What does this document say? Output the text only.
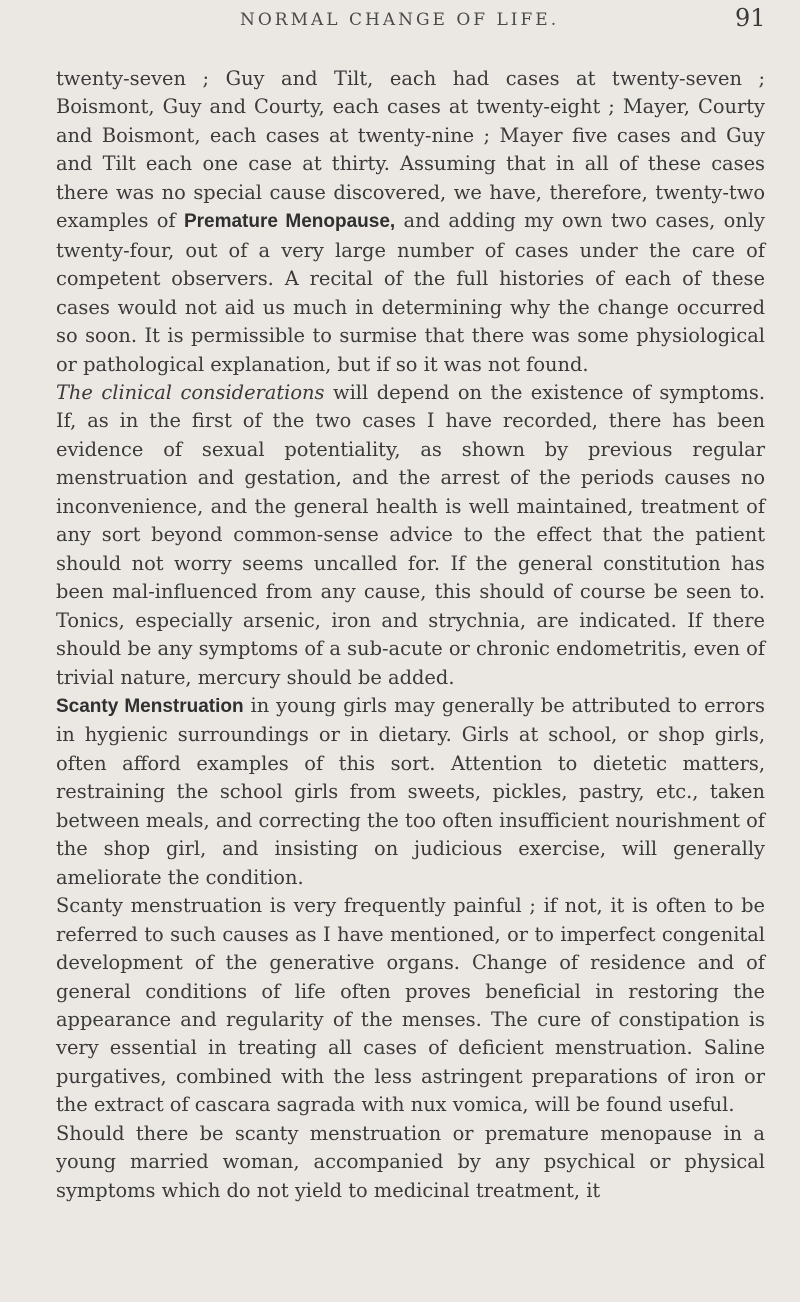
NORMAL CHANGE OF LIFE.	91

twenty-seven ; Guy and Tilt, each had cases at twenty-seven ; Boismont, Guy and Courty, each cases at twenty-eight ; Mayer, Courty and Boismont, each cases at twenty-nine ; Mayer five cases and Guy and Tilt each one case at thirty. Assuming that in all of these cases there was no special cause discovered, we have, therefore, twenty-two examples of Premature Menopause, and adding my own two cases, only twenty-four, out of a very large number of cases under the care of competent observers. A recital of the full histories of each of these cases would not aid us much in determining why the change occurred so soon. It is permissible to surmise that there was some physiological or pathological explanation, but if so it was not found.

The clinical considerations will depend on the existence of symptoms. If, as in the first of the two cases I have recorded, there has been evidence of sexual potentiality, as shown by previous regular menstruation and gestation, and the arrest of the periods causes no inconvenience, and the general health is well maintained, treatment of any sort beyond common-sense advice to the effect that the patient should not worry seems uncalled for. If the general constitution has been mal-influenced from any cause, this should of course be seen to. Tonics, especially arsenic, iron and strychnia, are indicated. If there should be any symptoms of a sub-acute or chronic endometritis, even of trivial nature, mercury should be added.

Scanty Menstruation in young girls may generally be attributed to errors in hygienic surroundings or in dietary. Girls at school, or shop girls, often afford examples of this sort. Attention to dietetic matters, restraining the school girls from sweets, pickles, pastry, etc., taken between meals, and correcting the too often insufficient nourishment of the shop girl, and insisting on judicious exercise, will generally ameliorate the condition.

Scanty menstruation is very frequently painful ; if not, it is often to be referred to such causes as I have mentioned, or to imperfect congenital development of the generative organs. Change of residence and of general conditions of life often proves beneficial in restoring the appearance and regularity of the menses. The cure of constipation is very essential in treating all cases of deficient menstruation. Saline purgatives, combined with the less astringent preparations of iron or the extract of cascara sagrada with nux vomica, will be found useful.

Should there be scanty menstruation or premature menopause in a young married woman, accompanied by any psychical or physical symptoms which do not yield to medicinal treatment, it
